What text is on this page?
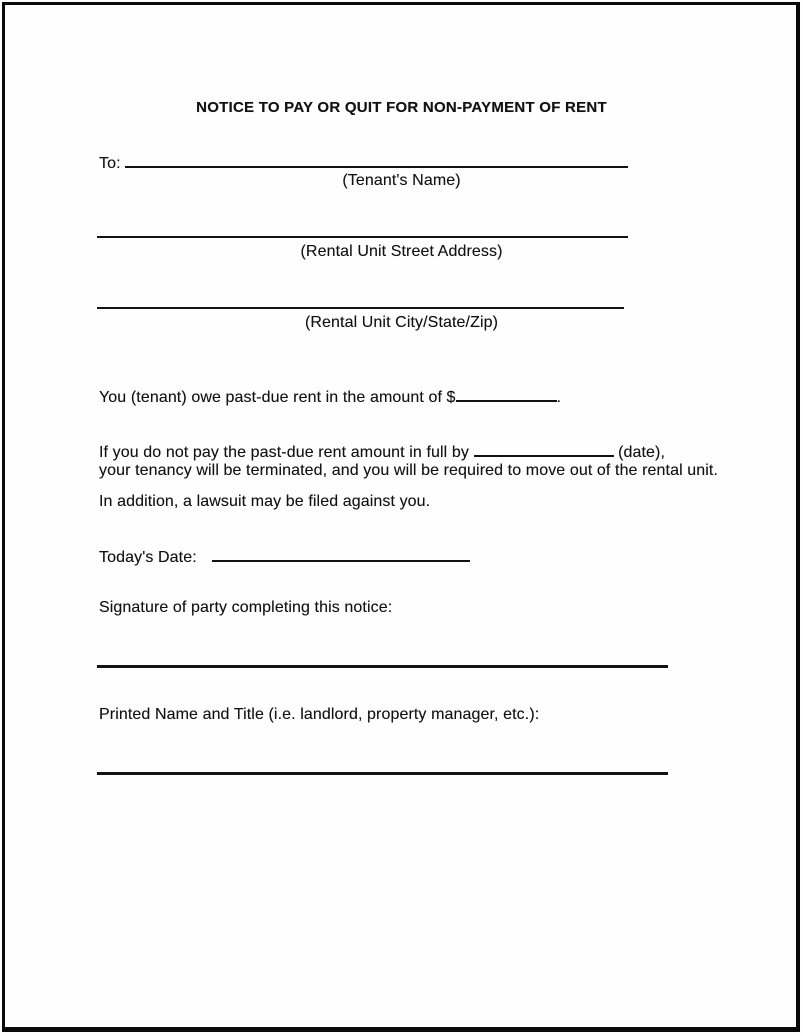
NOTICE TO PAY OR QUIT FOR NON-PAYMENT OF RENT
To:
(Tenant's Name)
(Rental Unit Street Address)
(Rental Unit City/State/Zip)
You (tenant) owe past-due rent in the amount of $	.
If you do not pay the past-due rent amount in full by	(date),
your tenancy will be terminated, and you will be required to move out of the rental unit.
In addition, a lawsuit may be filed against you.
Today's Date:
Signature of party completing this notice:
Printed Name and Title (i.e. landlord, property manager, etc.):
